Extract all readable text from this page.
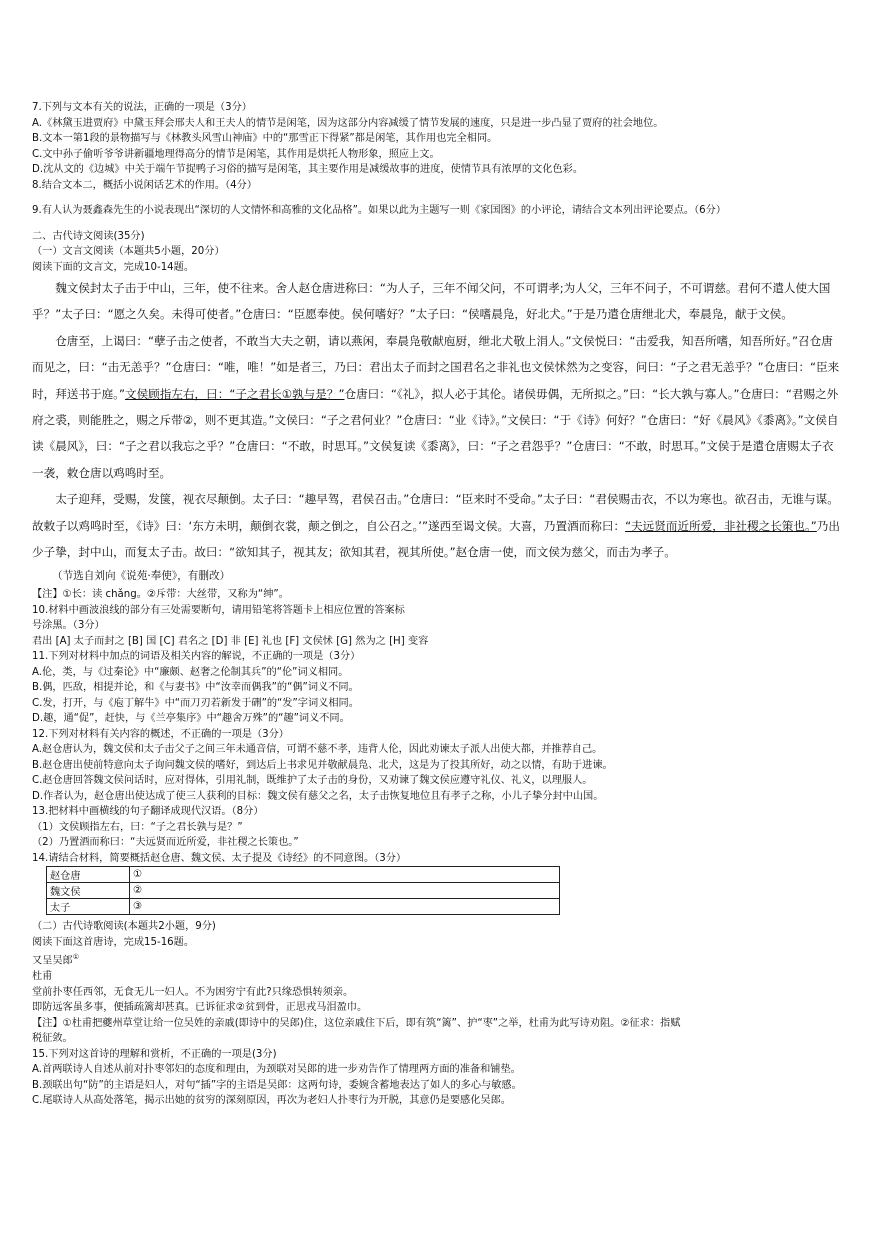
7.下列与文本有关的说法，正确的一项是（3分）
A.《林黛玉进贾府》中黛玉拜会邢夫人和王夫人的情节是闲笔，因为这部分内容减缓了情节发展的速度，只是进一步凸显了贾府的社会地位。
B.文本一第1段的景物描写与《林教头风雪山神庙》中的“那雪正下得紧”都是闲笔，其作用也完全相同。
C.文中孙子偷听爷爷讲新疆地理得高分的情节是闲笔，其作用是烘托人物形象，照应上文。
D.沈从文的《边城》中关于端午节捉鸭子习俗的描写是闲笔，其主要作用是减缓故事的进度，使情节具有浓厚的文化色彩。
8.结合文本二，概括小说闲话艺术的作用。（4分）
9.有人认为聂鑫森先生的小说表现出“深切的人文情怀和高雅的文化品格”。如果以此为主题写一则《家国图》的小评论，请结合文本列出评论要点。（6分）
二、古代诗文阅读(35分)
（一）文言文阅读（本题共5小题，20分）
阅读下面的文言文，完成10-14题。
魏文侯封太子击于中山，三年，使不往来。舍人赵仓唐进称曰：“为人子，三年不闻父问，不可谓孝;为人父，三年不问子，不可谓慈。君何不遣人使大国乎？”太子曰：“愿之久矣。未得可使者。”仓唐曰：“臣愿奉使。侯何嗜好？”太子曰：“侯嗜晨凫，好北犬。”于是乃遣仓唐绁北犬，奉晨凫，献于文侯。
仓唐至，上谒曰：“孽子击之使者，不敢当大夫之朝，请以燕闲，奉晨凫敬献庖厨，绁北犬敬上涓人。”文侯悦曰：“击爱我，知吾所嗜，知吾所好。”召仓唐而见之，曰：“击无恙乎？”仓唐曰：“唯，唯！”如是者三，乃曰：君出太子而封之国君名之非礼也文侯怵然为之变容，问曰：“子之君无恙乎？”仓唐曰：“臣来时，拜送书于庭。”文侯顾指左右，曰：“子之君长①孰与是？”仓唐曰：“《礼》，拟人必于其伦。诸侯毋偶，无所拟之。”曰：“长大孰与寡人。”仓唐曰：“君赐之外府之裘，则能胜之，赐之斥带②，则不更其造。”文侯曰：“子之君何业？”仓唐曰：“业《诗》。”文侯曰：“于《诗》何好？”仓唐曰：“好《晨风》《黍离》。”文侯自读《晨风》，曰：“子之君以我忘之乎？”仓唐曰：“不敢，时思耳。”文侯复读《黍离》，曰：“子之君怨乎？”仓唐曰：“不敢，时思耳。”文侯于是遣仓唐赐太子衣一袭，敕仓唐以鸡鸣时至。
太子迎拜，受赐，发箧，视衣尽颠倒。太子曰：“趣早驾，君侯召击。”仓唐曰：“臣来时不受命。”太子曰：“君侯赐击衣，不以为寒也。欲召击，无谁与谋。故敕子以鸡鸣时至，《诗》曰：‘东方未明，颠倒衣裳，颠之倒之，自公召之。’”遂西至谒文侯。大喜，乃置酒而称曰：“夫远贤而近所爱，非社稷之长策也。”乃出少子挚，封中山，而复太子击。故曰：“欲知其子，视其友；欲知其君，视其所使。”赵仓唐一使，而文侯为慈父，而击为孝子。
（节选自刘向《说苑·奉使》，有删改）
【注】①长：读 chǎng。②斥带：大丝带，又称为“绅”。
10.材料中画波浪线的部分有三处需要断句，请用铅笔将答题卡上相应位置的答案标
号涂黑。（3分）
君出 [A] 太子而封之 [B] 国 [C] 君名之 [D] 非 [E] 礼也 [F] 文侯怵 [G] 然为之 [H] 变容
11.下列对材料中加点的词语及相关内容的解说，不正确的一项是（3分）
A.伦，类，与《过秦论》中“廉颇、赵奢之伦制其兵”的“伦”词义相同。
B.偶，匹敌，相提并论，和《与妻书》中“汝幸而偶我”的“偶”词义不同。
C.发，打开，与《庖丁解牛》中“而刀刃若新发于硎”的“发”字词义相同。
D.趣，通“促”，赶快，与《兰亭集序》中“趣舍万殊”的“趣”词义不同。
12.下列对材料有关内容的概述，不正确的一项是（3分）
A.赵仓唐认为，魏文侯和太子击父子之间三年未通音信，可谓不慈不孝，违背人伦，因此劝谏太子派人出使大都，并推荐自己。
B.赵仓唐出使前特意向太子询问魏文侯的嗜好，到达后上书求见并敬献晨凫、北犬，这是为了投其所好，动之以情，有助于进谏。
C.赵仓唐回答魏文侯问话时，应对得体，引用礼制，既维护了太子击的身份，又劝谏了魏文侯应遵守礼仪、礼义，以理服人。
D.作者认为，赵仓唐出使达成了使三人获利的目标：魏文侯有慈父之名，太子击恢复地位且有孝子之称，小儿子挚分封中山国。
13.把材料中画横线的句子翻译成现代汉语。（8分）
（1）文侯顾指左右，曰：“子之君长孰与是？”
（2）乃置酒而称曰：“夫远贤而近所爱，非社稷之长策也。”
14.请结合材料，简要概括赵仓唐、魏文侯、太子提及《诗经》的不同意图。（3分）
赵仓唐	①
魏文侯	②
太子	③
（二）古代诗歌阅读(本题共2小题，9分)
阅读下面这首唐诗，完成15-16题。
又呈吴郎①
杜甫
堂前扑枣任西邻，无食无儿一妇人。不为困穷宁有此?只缘恐惧转须亲。
即防远客虽多事，便插疏篱却甚真。已诉征求②贫到骨，正思戎马泪盈巾。
【注】①杜甫把夔州草堂让给一位吴姓的亲戚(即诗中的吴郎)住，这位亲戚住下后，即有筑“篱”、护“枣”之举，杜甫为此写诗劝阻。②征求：指赋
税征敛。
15.下列对这首诗的理解和赏析，不正确的一项是(3分)
A.首两联诗人自述从前对扑枣邻妇的态度和理由，为颈联对吴郎的进一步劝告作了情理两方面的准备和铺垫。
B.颈联出句“防”的主语是妇人，对句“插”字的主语是吴郎：这两句诗，委婉含蓄地表达了如人的多心与敏感。
C.尾联诗人从高处落笔，揭示出她的贫穷的深刻原因，再次为老妇人扑枣行为开脱，其意仍是要感化吴郎。
